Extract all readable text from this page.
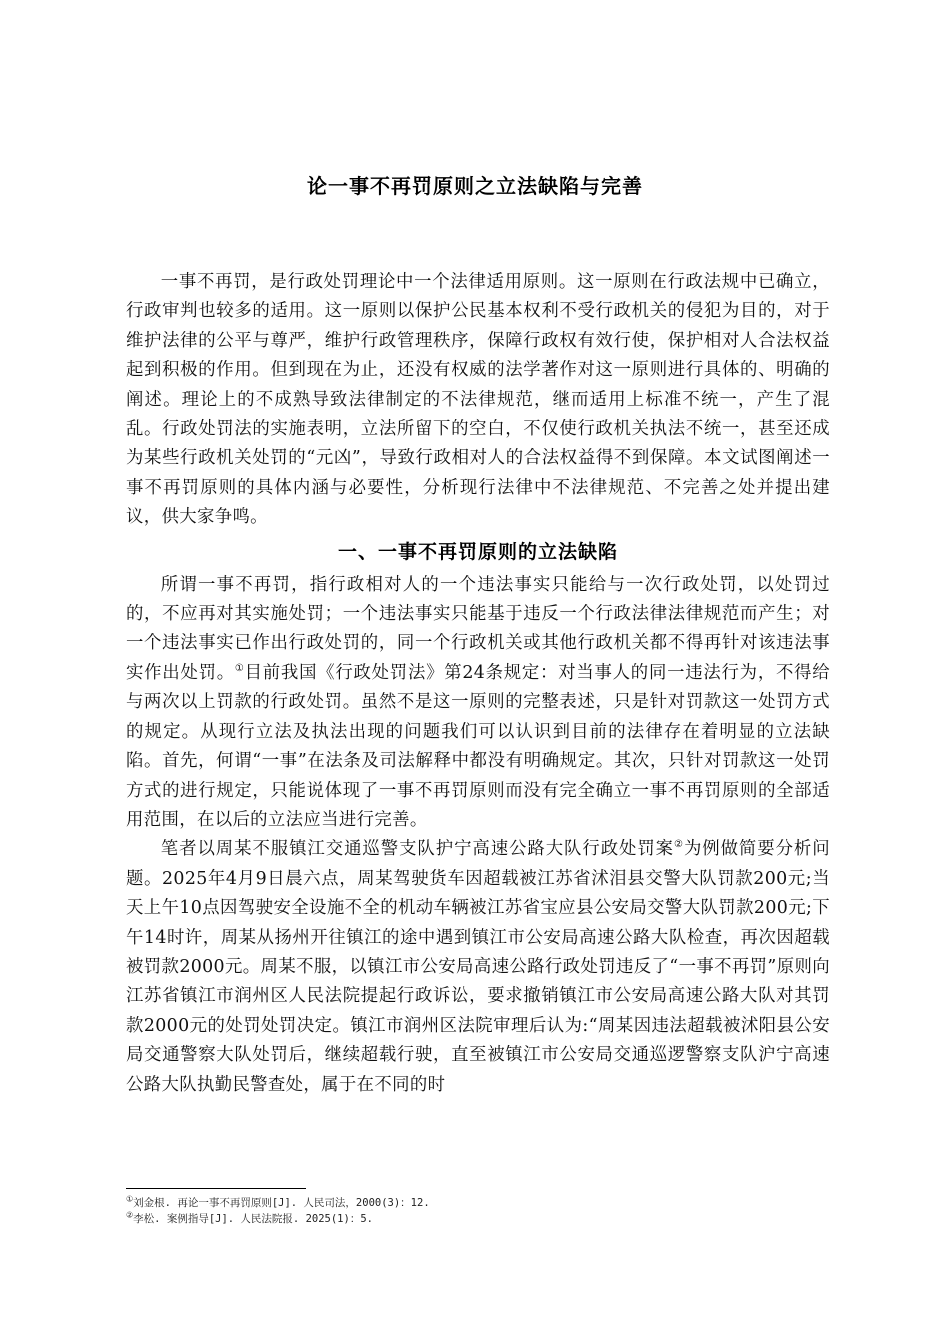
论一事不再罚原则之立法缺陷与完善

一事不再罚，是行政处罚理论中一个法律适用原则。这一原则在行政法规中已确立，行政审判也较多的适用。这一原则以保护公民基本权利不受行政机关的侵犯为目的，对于维护法律的公平与尊严，维护行政管理秩序，保障行政权有效行使，保护相对人合法权益起到积极的作用。但到现在为止，还没有权威的法学著作对这一原则进行具体的、明确的阐述。理论上的不成熟导致法律制定的不法律规范，继而适用上标准不统一，产生了混乱。行政处罚法的实施表明，立法所留下的空白，不仅使行政机关执法不统一，甚至还成为某些行政机关处罚的“元凶”，导致行政相对人的合法权益得不到保障。本文试图阐述一事不再罚原则的具体内涵与必要性，分析现行法律中不法律规范、不完善之处并提出建议，供大家争鸣。

一、一事不再罚原则的立法缺陷

所谓一事不再罚，指行政相对人的一个违法事实只能给与一次行政处罚，以处罚过的，不应再对其实施处罚；一个违法事实只能基于违反一个行政法律法律规范而产生；对一个违法事实已作出行政处罚的，同一个行政机关或其他行政机关都不得再针对该违法事实作出处罚。①目前我国《行政处罚法》第24条规定：对当事人的同一违法行为，不得给与两次以上罚款的行政处罚。虽然不是这一原则的完整表述，只是针对罚款这一处罚方式的规定。从现行立法及执法出现的问题我们可以认识到目前的法律存在着明显的立法缺陷。首先，何谓“一事”在法条及司法解释中都没有明确规定。其次，只针对罚款这一处罚方式的进行规定，只能说体现了一事不再罚原则而没有完全确立一事不再罚原则的全部适用范围，在以后的立法应当进行完善。

笔者以周某不服镇江交通巡警支队护宁高速公路大队行政处罚案②为例做简要分析问题。2025年4月9日晨六点，周某驾驶货车因超载被江苏省沭泪县交警大队罚款200元;当天上午10点因驾驶安全设施不全的机动车辆被江苏省宝应县公安局交警大队罚款200元;下午14时许，周某从扬州开往镇江的途中遇到镇江市公安局高速公路大队检查，再次因超载被罚款2000元。周某不服，以镇江市公安局高速公路行政处罚违反了“一事不再罚”原则向江苏省镇江市润州区人民法院提起行政诉讼，要求撤销镇江市公安局高速公路大队对其罚款2000元的处罚处罚决定。镇江市润州区法院审理后认为:“周某因违法超载被沭阳县公安局交通警察大队处罚后，继续超载行驶，直至被镇江市公安局交通巡逻警察支队沪宁高速公路大队执勤民警查处，属于在不同的时

①刘金根. 再论一事不再罚原则[J]. 人民司法，2000(3)：12.
②李松. 案例指导[J]. 人民法院报. 2025(1)：5.
